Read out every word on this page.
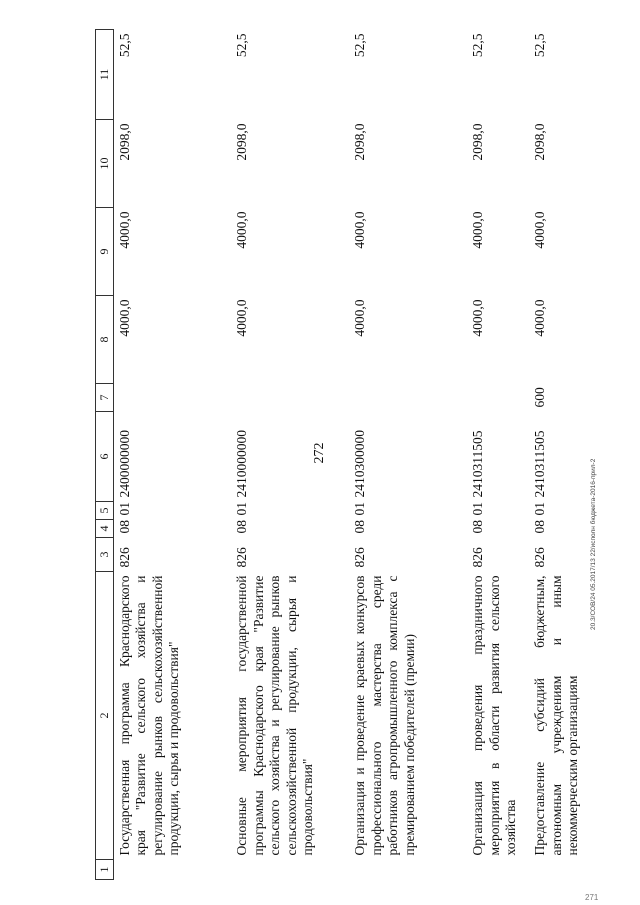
272
1	2	3	4	5	6	7	8	9	10	11
	Государственная программа Краснодарского края "Развитие сельского хозяйства и регулирование рынков сельскохозяйственной продукции, сырья и продовольствия"	826	08	01	2400000000		4000,0	4000,0	2098,0	52,5
	Основные мероприятия государственной программы Краснодарского края "Развитие сельского хозяйства и регулирование рынков сельскохозяйственной продукции, сырья и продовольствия"	826	08	01	2410000000		4000,0	4000,0	2098,0	52,5
	Организация и проведение краевых конкурсов профессионального мастерства среди работников агропромышленного комплекса с премированием победителей (премии)	826	08	01	2410300000		4000,0	4000,0	2098,0	52,5
	Организация проведения праздничного мероприятия в области развития сельского хозяйства	826	08	01	2410311505		4000,0	4000,0	2098,0	52,5
	Предоставление субсидий бюджетным, автономным учреждениям и иным некоммерческим организациям	826	08	01	2410311505	600	4000,0	4000,0	2098,0	52,5
20.3/СОВ/24 05.2017/13 22/исполн бюджета-2016-прил-2
271
